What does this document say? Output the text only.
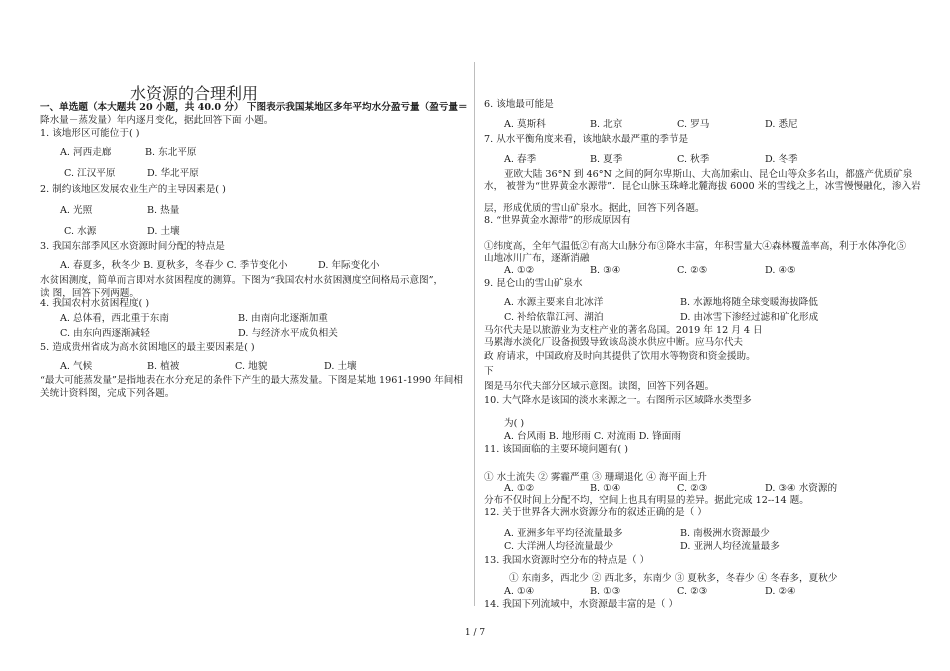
水资源的合理利用
一、单选题（本大题共 20 小题，共 40.0 分） 下图表示我国某地区多年平均水分盈亏量（盈亏量＝
降水量－蒸发量）年内逐月变化，据此回答下面 小题。
1. 该地形区可能位于( )
A. 河西走廊	B. 东北平原
C. 江汉平原	D. 华北平原
2. 制约该地区发展农业生产的主导因素是( )
A. 光照	B. 热量
C. 水源	D. 土壤
3. 我国东部季风区水资源时间分配的特点是
A. 春夏多，秋冬少 B. 夏秋多，冬春少 C. 季节变化小	D. 年际变化小
水贫困测度，简单而言即对水贫困程度的测算。下图为“我国农村水贫困测度空间格局示意图”，
读 图，回答下列两题。
4. 我国农村水贫困程度( )
A. 总体看，西北重于东南	B. 由南向北逐渐加重
C. 由东向西逐渐减轻	D. 与经济水平成负相关
5. 造成贵州省成为高水贫困地区的最主要因素是( )
A. 气候	B. 植被	C. 地貌	D. 土壤
“最大可能蒸发量”是指地表在水分充足的条件下产生的最大蒸发量。下图是某地 1961-1990 年间相
关统计资料图，完成下列各题。
6. 该地最可能是
A. 莫斯科	B. 北京	C. 罗马	D. 悉尼
7. 从水平衡角度来看，该地缺水最严重的季节是
A. 春季	B. 夏季	C. 秋季	D. 冬季
亚欧大陆 36°N 到 46°N 之间的阿尔卑斯山、大高加索山、昆仑山等众多名山，都盛产优质矿泉
水， 被誉为“世界黄金水源带”．昆仑山脉玉珠峰北麓海拔 6000 米的雪线之上，冰雪慢慢融化，渗入岩
层，形成优质的雪山矿泉水。据此，回答下列各题。
8. “世界黄金水源带”的形成原因有
①纬度高，全年气温低②有高大山脉分布③降水丰富，年积雪量大④森林覆盖率高，利于水体净化⑤
山地冰川广布，逐渐消融
A. ①②	B. ③④	C. ②⑤	D. ④⑤
9. 昆仑山的雪山矿泉水
A. 水源主要来自北冰洋	B. 水源地将随全球变暖海拔降低
C. 补给依靠江河、湖泊	D. 由冰雪下渗经过滤和矿化形成
马尔代夫是以旅游业为支柱产业的著名岛国。2019 年 12 月 4 日
马累海水淡化厂设备损毁导致该岛淡水供应中断。应马尔代夫
政 府请求，中国政府及时向其提供了饮用水等物资和资金援助。
下
图是马尔代夫部分区域示意图。读图，回答下列各题。
10. 大气降水是该国的淡水来源之一。右图所示区域降水类型多
为( )
A. 台风雨 B. 地形雨 C. 对流雨 D. 锋面雨
11. 该国面临的主要环境问题有( )
① 水土流失 ② 雾霾严重 ③ 珊瑚退化 ④ 海平面上升
A. ①②	B. ①④	C. ②③	D. ③④ 水资源的
分布不仅时间上分配不均，空间上也具有明显的差异。据此完成 12--14 题。
12. 关于世界各大洲水资源分布的叙述正确的是（ ）
A. 亚洲多年平均径流量最多	B. 南极洲水资源最少
C. 大洋洲人均径流量最少	D. 亚洲人均径流量最多
13. 我国水资源时空分布的特点是（ ）
① 东南多，西北少 ② 西北多，东南少 ③ 夏秋多，冬春少 ④ 冬春多，夏秋少
A. ①④	B. ①③	C. ②③	D. ②④
14. 我国下列流域中，水资源最丰富的是（ ）
1 / 7
